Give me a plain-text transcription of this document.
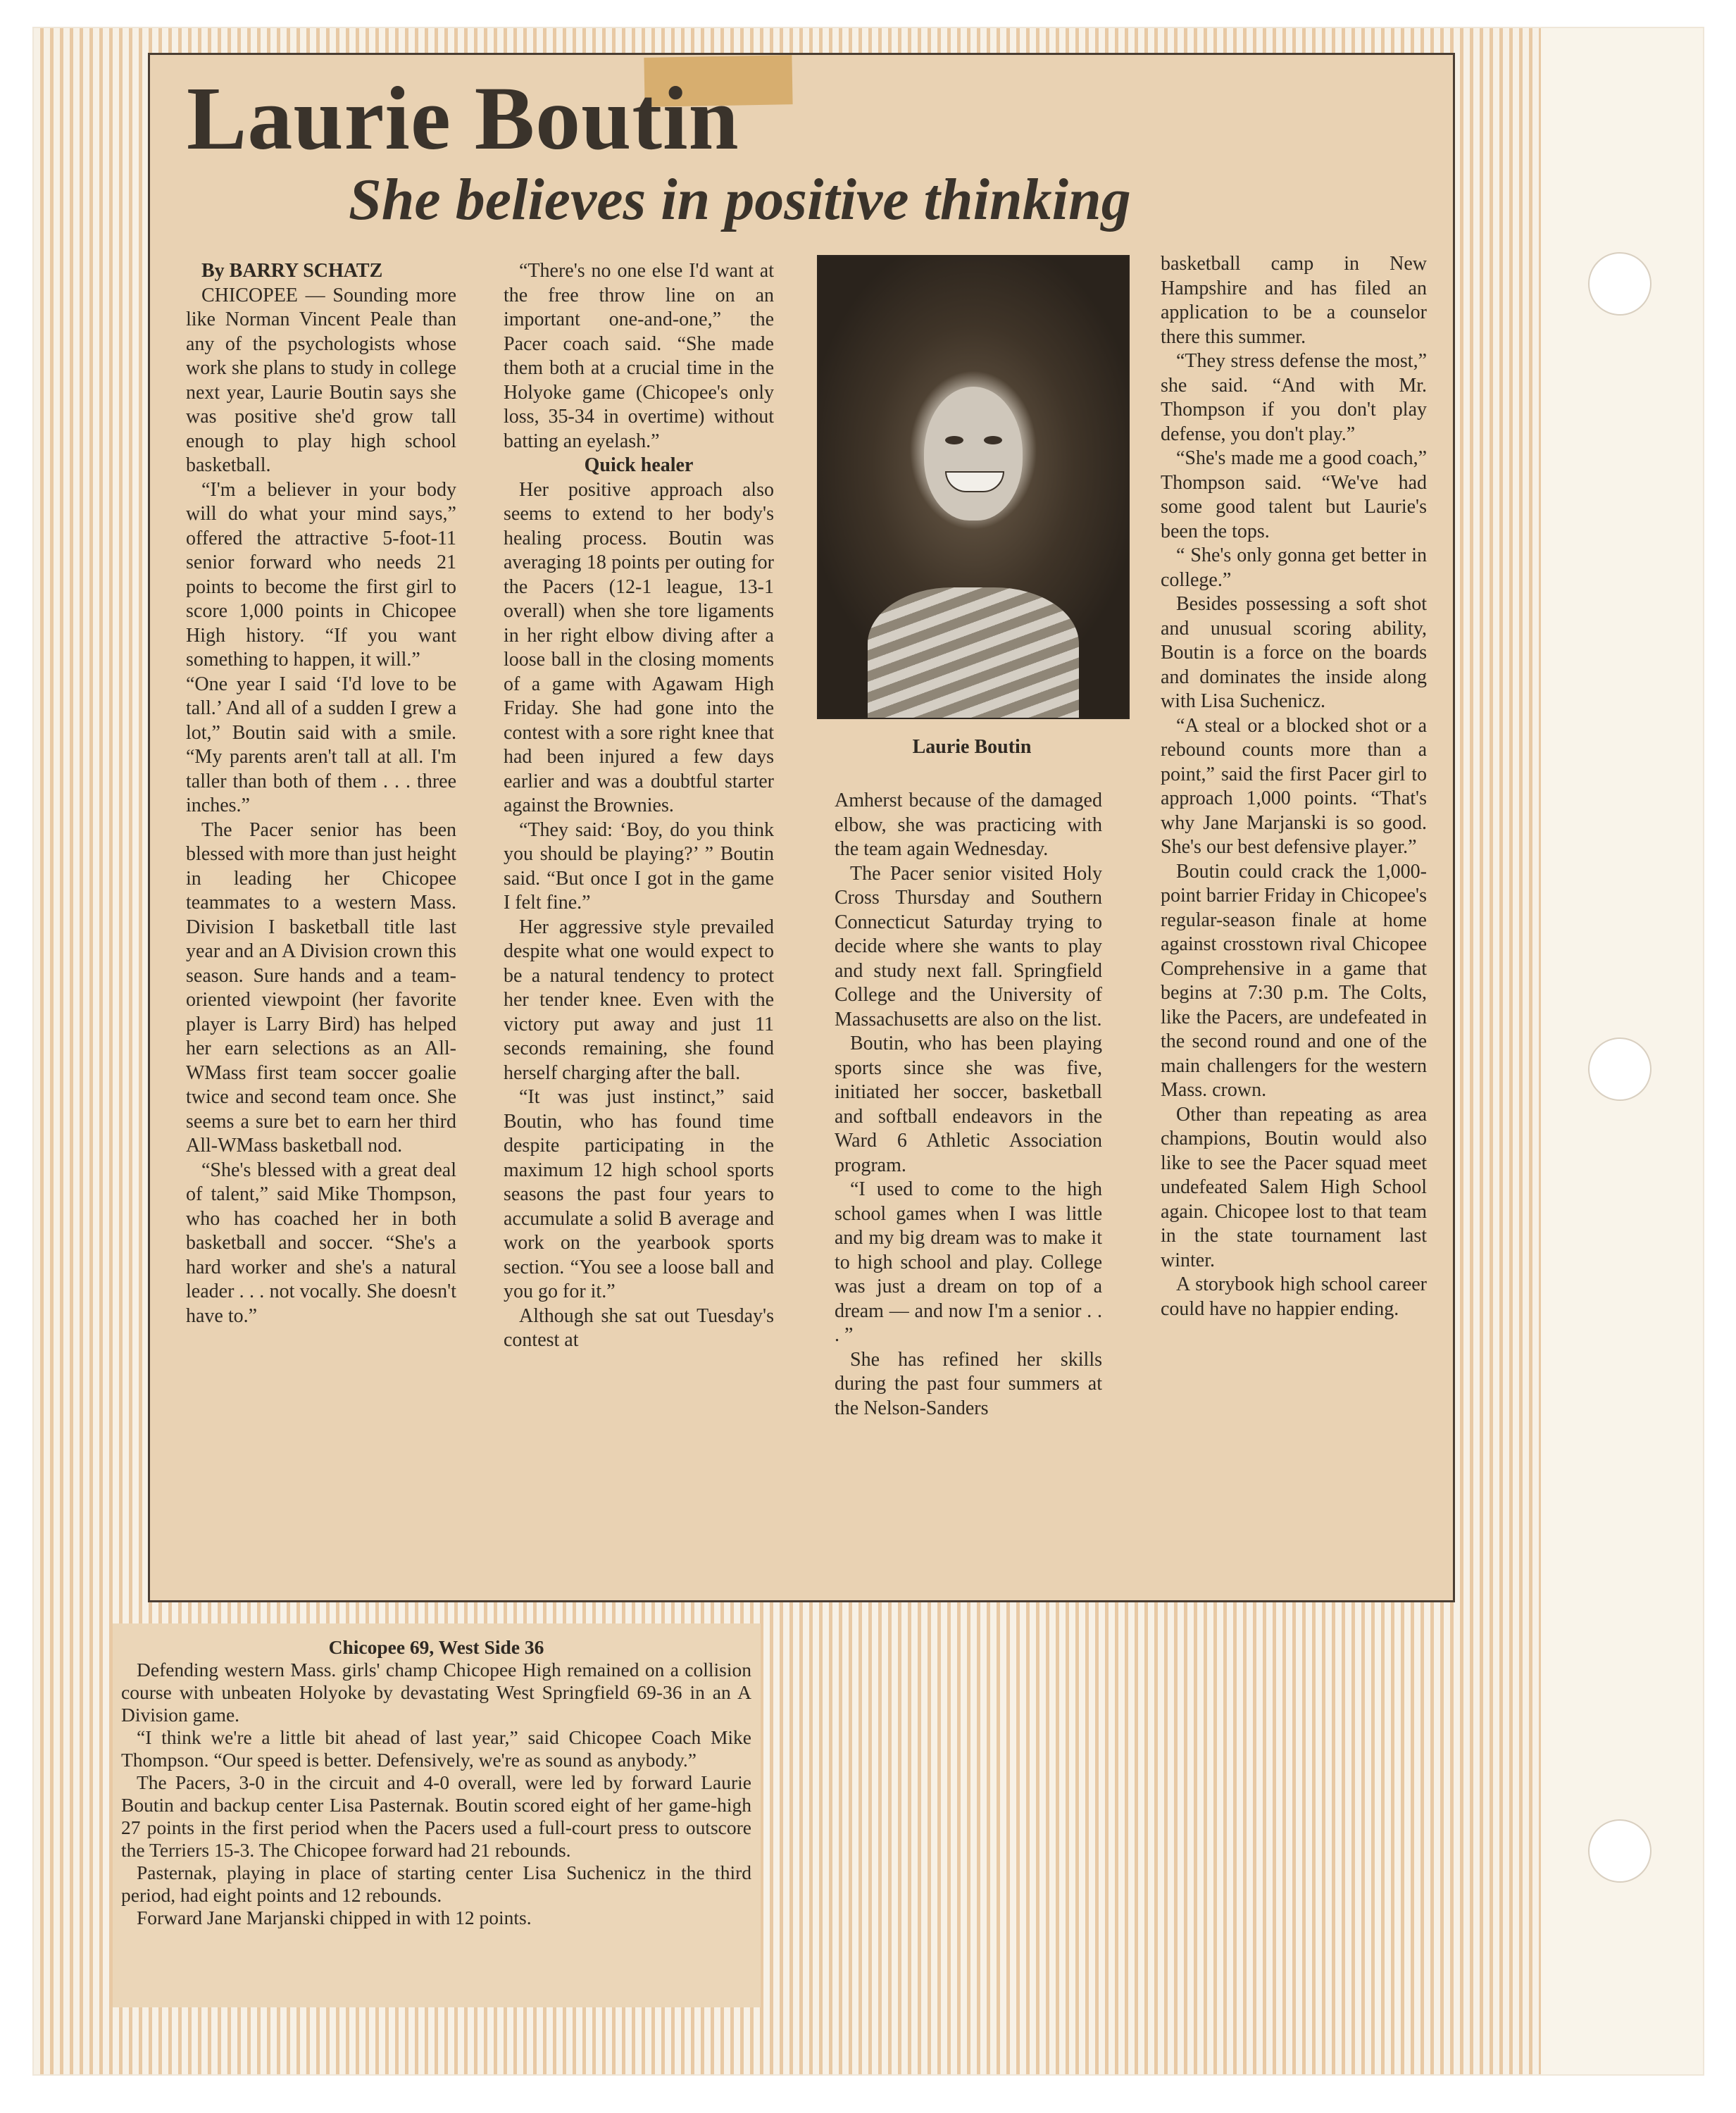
Laurie Boutin
She believes in positive thinking

By BARRY SCHATZ

CHICOPEE — Sounding more like Norman Vincent Peale than any of the psychologists whose work she plans to study in college next year, Laurie Boutin says she was positive she'd grow tall enough to play high school basketball.

“I'm a believer in your body will do what your mind says,” offered the attractive 5-foot-11 senior forward who needs 21 points to become the first girl to score 1,000 points in Chicopee High history. “If you want something to happen, it will.”

“One year I said ‘I'd love to be tall.’ And all of a sudden I grew a lot,” Boutin said with a smile. “My parents aren't tall at all. I'm taller than both of them . . . three inches.”

The Pacer senior has been blessed with more than just height in leading her Chicopee teammates to a western Mass. Division I basketball title last year and an A Division crown this season. Sure hands and a team-oriented viewpoint (her favorite player is Larry Bird) has helped her earn selections as an All-WMass first team soccer goalie twice and second team once. She seems a sure bet to earn her third All-WMass basketball nod.

“She's blessed with a great deal of talent,” said Mike Thompson, who has coached her in both basketball and soccer. “She's a hard worker and she's a natural leader . . . not vocally. She doesn't have to.”

“There's no one else I'd want at the free throw line on an important one-and-one,” the Pacer coach said. “She made them both at a crucial time in the Holyoke game (Chicopee's only loss, 35-34 in overtime) without batting an eyelash.”

Quick healer

Her positive approach also seems to extend to her body's healing process. Boutin was averaging 18 points per outing for the Pacers (12-1 league, 13-1 overall) when she tore ligaments in her right elbow diving after a loose ball in the closing moments of a game with Agawam High Friday. She had gone into the contest with a sore right knee that had been injured a few days earlier and was a doubtful starter against the Brownies.

“They said: ‘Boy, do you think you should be playing?’ ” Boutin said. “But once I got in the game I felt fine.”

Her aggressive style prevailed despite what one would expect to be a natural tendency to protect her tender knee. Even with the victory put away and just 11 seconds remaining, she found herself charging after the ball.

“It was just instinct,” said Boutin, who has found time despite participating in the maximum 12 high school sports seasons the past four years to accumulate a solid B average and work on the yearbook sports section. “You see a loose ball and you go for it.”

Although she sat out Tuesday's contest at

Laurie Boutin

Amherst because of the damaged elbow, she was practicing with the team again Wednesday.

The Pacer senior visited Holy Cross Thursday and Southern Connecticut Saturday trying to decide where she wants to play and study next fall. Springfield College and the University of Massachusetts are also on the list.

Boutin, who has been playing sports since she was five, initiated her soccer, basketball and softball endeavors in the Ward 6 Athletic Association program.

“I used to come to the high school games when I was little and my big dream was to make it to high school and play. College was just a dream on top of a dream — and now I'm a senior . . . ”

She has refined her skills during the past four summers at the Nelson-Sanders

basketball camp in New Hampshire and has filed an application to be a counselor there this summer.

“They stress defense the most,” she said. “And with Mr. Thompson if you don't play defense, you don't play.”

“She's made me a good coach,” Thompson said. “We've had some good talent but Laurie's been the tops.

“ She's only gonna get better in college.”

Besides possessing a soft shot and unusual scoring ability, Boutin is a force on the boards and dominates the inside along with Lisa Suchenicz.

“A steal or a blocked shot or a rebound counts more than a point,” said the first Pacer girl to approach 1,000 points. “That's why Jane Marjanski is so good. She's our best defensive player.”

Boutin could crack the 1,000-point barrier Friday in Chicopee's regular-season finale at home against crosstown rival Chicopee Comprehensive in a game that begins at 7:30 p.m. The Colts, like the Pacers, are undefeated in the second round and one of the main challengers for the western Mass. crown.

Other than repeating as area champions, Boutin would also like to see the Pacer squad meet undefeated Salem High School again. Chicopee lost to that team in the state tournament last winter.

A storybook high school career could have no happier ending.

Chicopee 69, West Side 36

Defending western Mass. girls' champ Chicopee High remained on a collision course with unbeaten Holyoke by devastating West Springfield 69-36 in an A Division game.

“I think we're a little bit ahead of last year,” said Chicopee Coach Mike Thompson. “Our speed is better. Defensively, we're as sound as anybody.”

The Pacers, 3-0 in the circuit and 4-0 overall, were led by forward Laurie Boutin and backup center Lisa Pasternak. Boutin scored eight of her game-high 27 points in the first period when the Pacers used a full-court press to outscore the Terriers 15-3. The Chicopee forward had 21 rebounds.

Pasternak, playing in place of starting center Lisa Suchenicz in the third period, had eight points and 12 rebounds.

Forward Jane Marjanski chipped in with 12 points.
